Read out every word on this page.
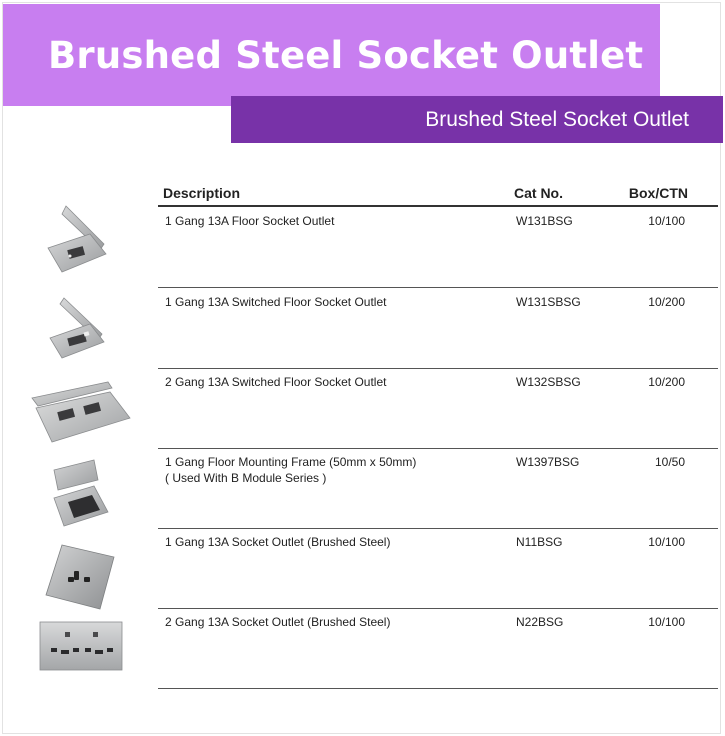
Brushed Steel Socket Outlet
Brushed Steel Socket Outlet
Description	Cat No.	Box/CTN
1 Gang 13A Floor Socket Outlet	W131BSG	10/100
1 Gang 13A Switched Floor Socket Outlet	W131SBSG	10/200
2 Gang 13A Switched Floor Socket Outlet	W132SBSG	10/200
1 Gang Floor Mounting Frame (50mm x 50mm)
( Used With B Module Series )
W1397BSG	10/50
1 Gang 13A Socket Outlet (Brushed Steel)	N11BSG	10/100
2 Gang 13A Socket Outlet (Brushed Steel)	N22BSG	10/100
